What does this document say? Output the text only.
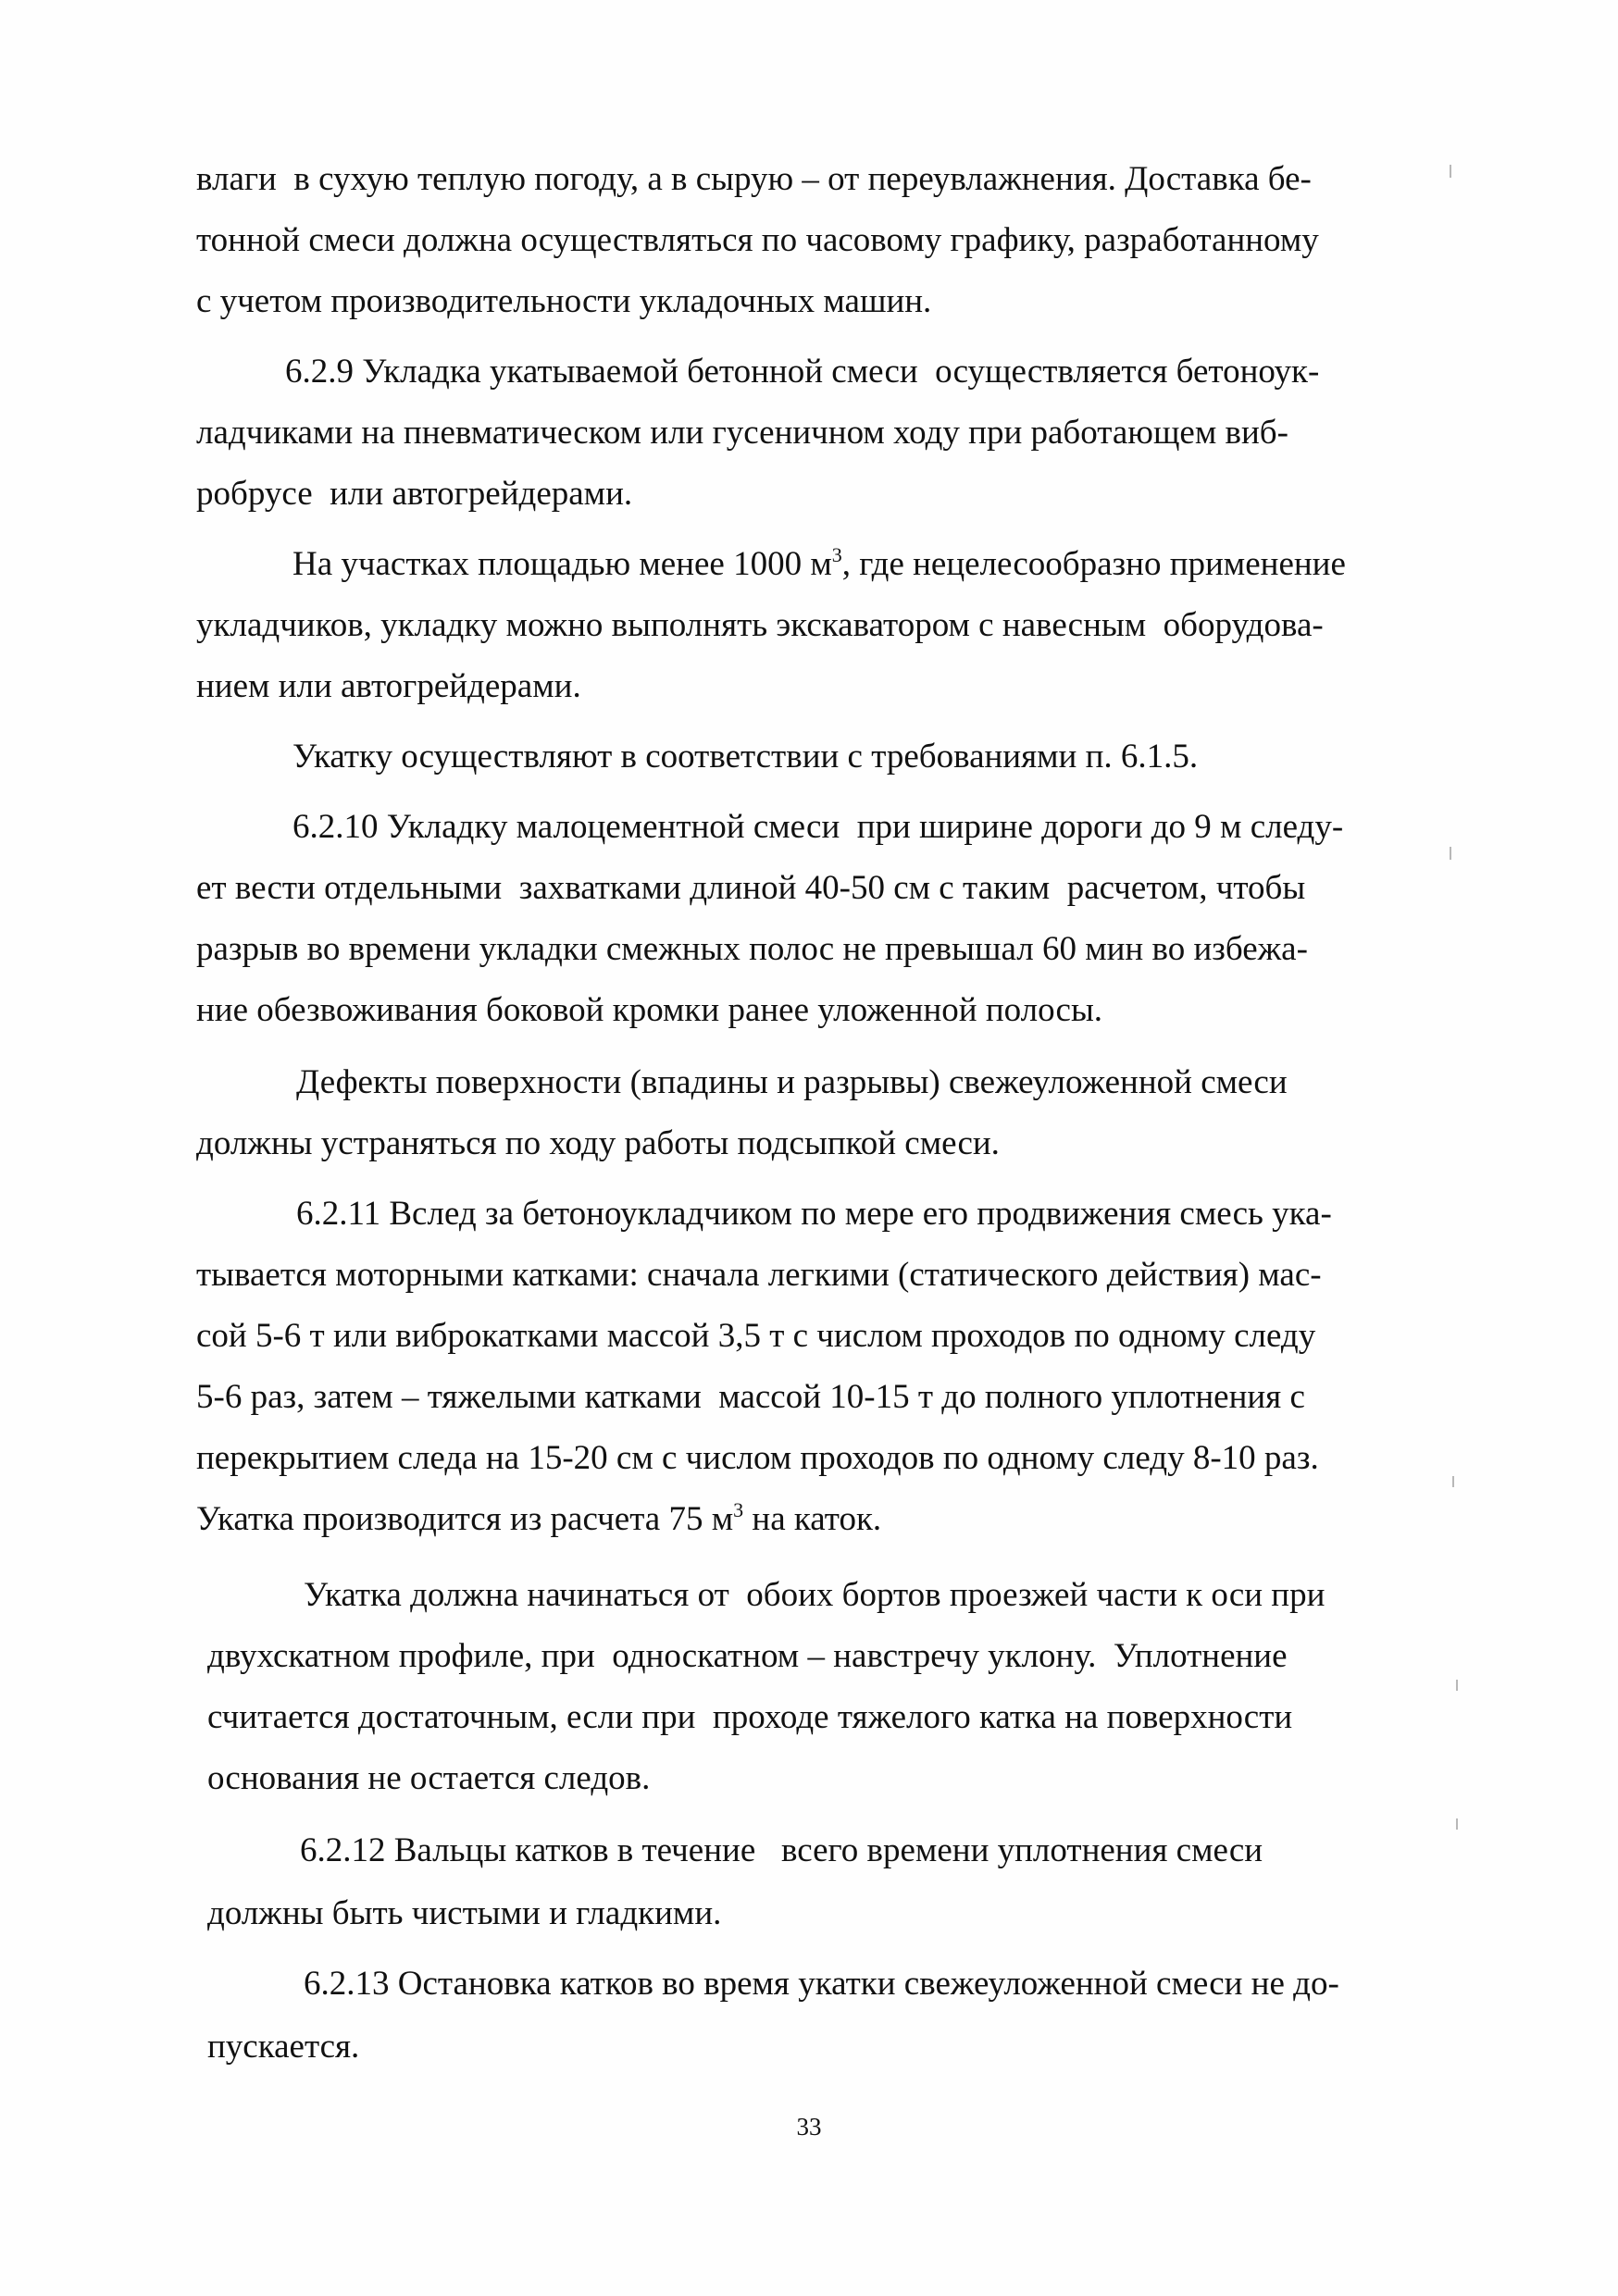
влаги  в сухую теплую погоду, а в сырую – от переувлажнения. Доставка бе-
тонной смеси должна осуществляться по часовому графику, разработанному
с учетом производительности укладочных машин.
6.2.9 Укладка укатываемой бетонной смеси  осуществляется бетоноук-
ладчиками на пневматическом или гусеничном ходу при работающем виб-
робрусе  или автогрейдерами.
На участках площадью менее 1000 $м^3$, где нецелесообразно применение
укладчиков, укладку можно выполнять экскаватором с навесным  оборудова-
нием или автогрейдерами.
Укатку осуществляют в соответствии с требованиями п. 6.1.5.
6.2.10 Укладку малоцементной смеси  при ширине дороги до 9 м следу-
ет вести отдельными  захватками длиной 40-50 см с таким  расчетом, чтобы
разрыв во времени укладки смежных полос не превышал 60 мин во избежа-
ние обезвоживания боковой кромки ранее уложенной полосы.
Дефекты поверхности (впадины и разрывы) свежеуложенной смеси
должны устраняться по ходу работы подсыпкой смеси.
6.2.11 Вслед за бетоноукладчиком по мере его продвижения смесь ука-
тывается моторными катками: сначала легкими (статического действия) мас-
сой 5-6 т или виброкатками массой 3,5 т с числом проходов по одному следу
5-6 раз, затем – тяжелыми катками  массой 10-15 т до полного уплотнения с
перекрытием следа на 15-20 см с числом проходов по одному следу 8-10 раз.
Укатка производится из расчета 75 $м^3$ на каток.
Укатка должна начинаться от  обоих бортов проезжей части к оси при
двухскатном профиле, при  односкатном – навстречу уклону.  Уплотнение
считается достаточным, если при  проходе тяжелого катка на поверхности
основания не остается следов.
6.2.12 Вальцы катков в течение   всего времени уплотнения смеси
должны быть чистыми и гладкими.
6.2.13 Остановка катков во время укатки свежеуложенной смеси не до-
пускается.
33
